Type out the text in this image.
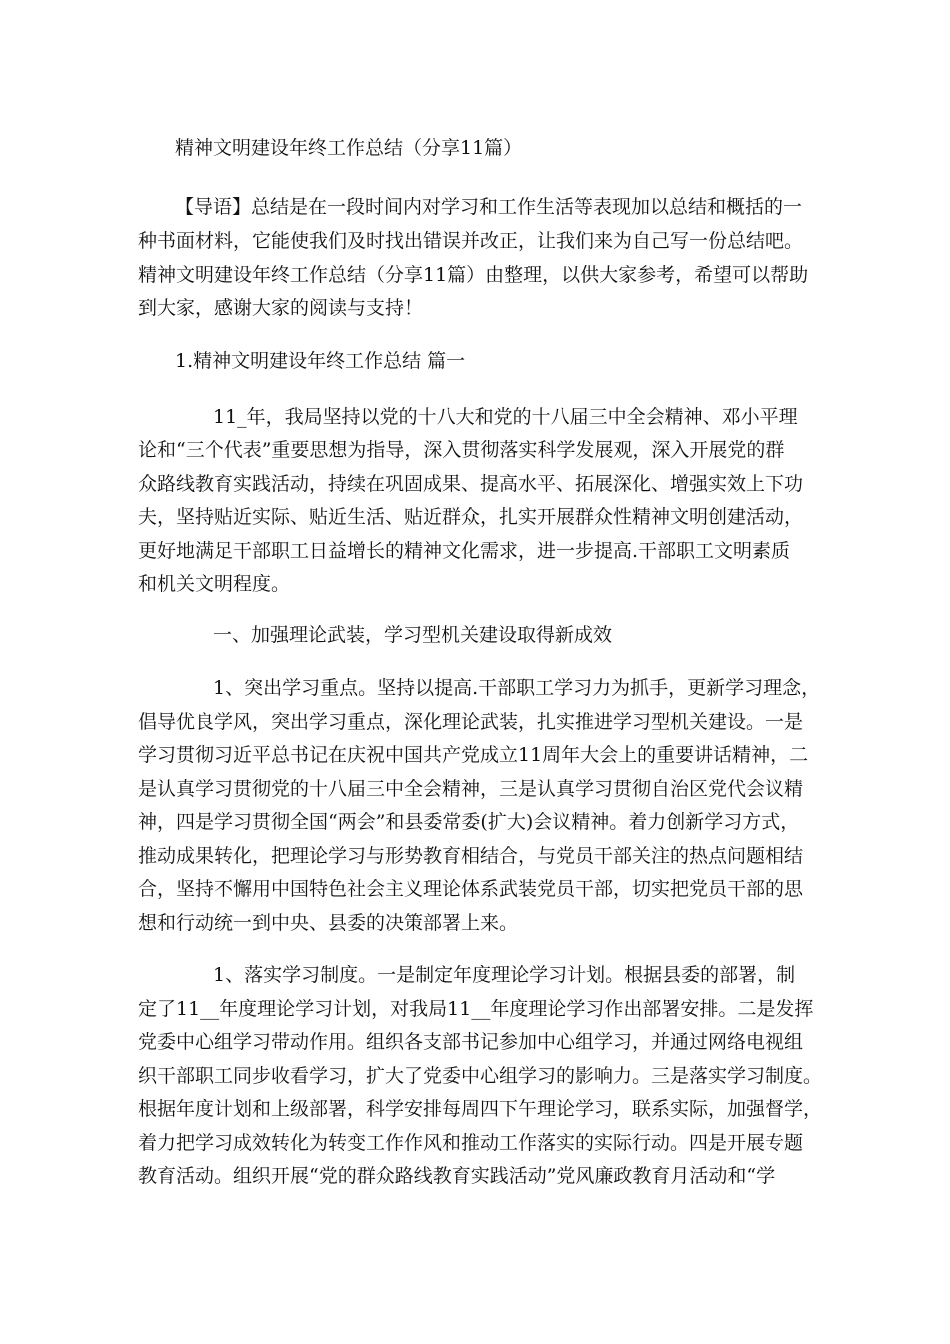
精神文明建设年终工作总结（分享11篇）
【导语】总结是在一段时间内对学习和工作生活等表现加以总结和概括的一
种书面材料，它能使我们及时找出错误并改正，让我们来为自己写一份总结吧。
精神文明建设年终工作总结（分享11篇）由整理，以供大家参考，希望可以帮助
到大家，感谢大家的阅读与支持！
1.精神文明建设年终工作总结 篇一
11_年，我局坚持以党的十八大和党的十八届三中全会精神、邓小平理
论和“三个代表”重要思想为指导，深入贯彻落实科学发展观，深入开展党的群
众路线教育实践活动，持续在巩固成果、提高水平、拓展深化、增强实效上下功
夫，坚持贴近实际、贴近生活、贴近群众，扎实开展群众性精神文明创建活动，
更好地满足干部职工日益增长的精神文化需求，进一步提高.干部职工文明素质
和机关文明程度。
一、加强理论武装，学习型机关建设取得新成效
1、突出学习重点。坚持以提高.干部职工学习力为抓手，更新学习理念，
倡导优良学风，突出学习重点，深化理论武装，扎实推进学习型机关建设。一是
学习贯彻习近平总书记在庆祝中国共产党成立11周年大会上的重要讲话精神，二
是认真学习贯彻党的十八届三中全会精神，三是认真学习贯彻自治区党代会议精
神，四是学习贯彻全国“两会”和县委常委(扩大)会议精神。着力创新学习方式，
推动成果转化，把理论学习与形势教育相结合，与党员干部关注的热点问题相结
合，坚持不懈用中国特色社会主义理论体系武装党员干部，切实把党员干部的思
想和行动统一到中央、县委的决策部署上来。
1、落实学习制度。一是制定年度理论学习计划。根据县委的部署，制
定了11__年度理论学习计划，对我局11__年度理论学习作出部署安排。二是发挥
党委中心组学习带动作用。组织各支部书记参加中心组学习，并通过网络电视组
织干部职工同步收看学习，扩大了党委中心组学习的影响力。三是落实学习制度。
根据年度计划和上级部署，科学安排每周四下午理论学习，联系实际，加强督学，
着力把学习成效转化为转变工作作风和推动工作落实的实际行动。四是开展专题
教育活动。组织开展“党的群众路线教育实践活动”党风廉政教育月活动和“学
